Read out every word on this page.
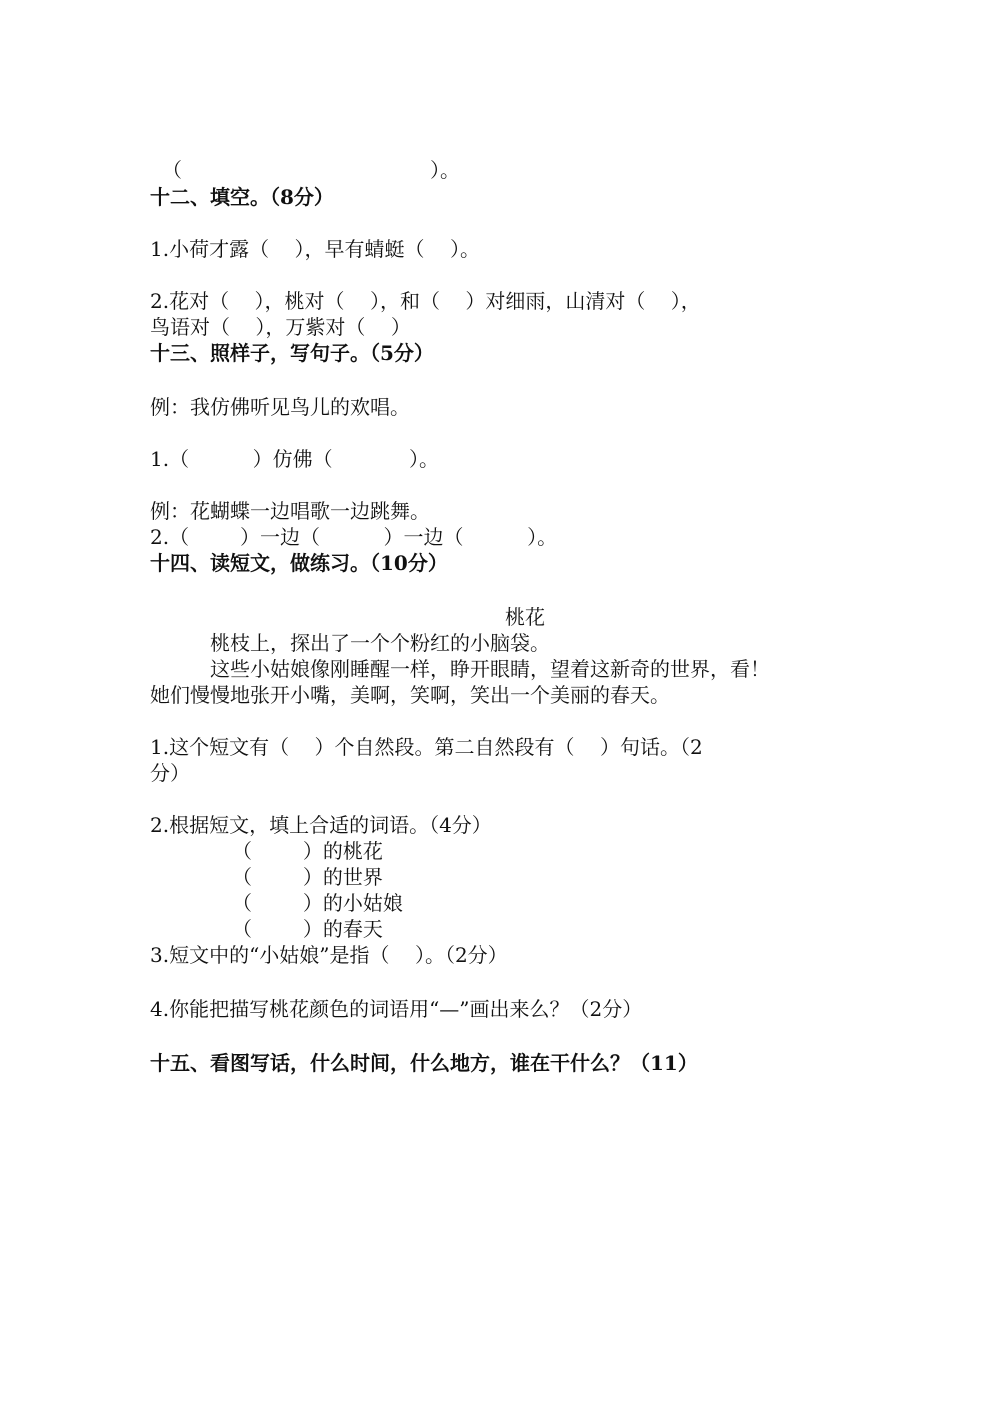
（                                       ）。
十二、填空。（8分）
1.小荷才露（    ），早有蜻蜓（    ）。
2.花对（    ），桃对（    ），和（    ）对细雨，山清对（    ），
鸟语对（    ），万紫对（    ）
十三、照样子，写句子。（5分）
例：我仿佛听见鸟儿的欢唱。
1.（          ）仿佛（            ）。
例：花蝴蝶一边唱歌一边跳舞。
2.（        ）一边（          ）一边（          ）。
十四、读短文，做练习。（10分）
桃花
桃枝上，探出了一个个粉红的小脑袋。
这些小姑娘像刚睡醒一样，睁开眼睛，望着这新奇的世界，看！
她们慢慢地张开小嘴，美啊，笑啊，笑出一个美丽的春天。
1.这个短文有（    ）个自然段。第二自然段有（    ）句话。（2
分）
2.根据短文，填上合适的词语。（4分）
（        ）的桃花
（        ）的世界
（        ）的小姑娘
（        ）的春天
3.短文中的“小姑娘”是指（    ）。（2分）
4.你能把描写桃花颜色的词语用“—”画出来么？（2分）
十五、看图写话，什么时间，什么地方，谁在干什么？（11）
